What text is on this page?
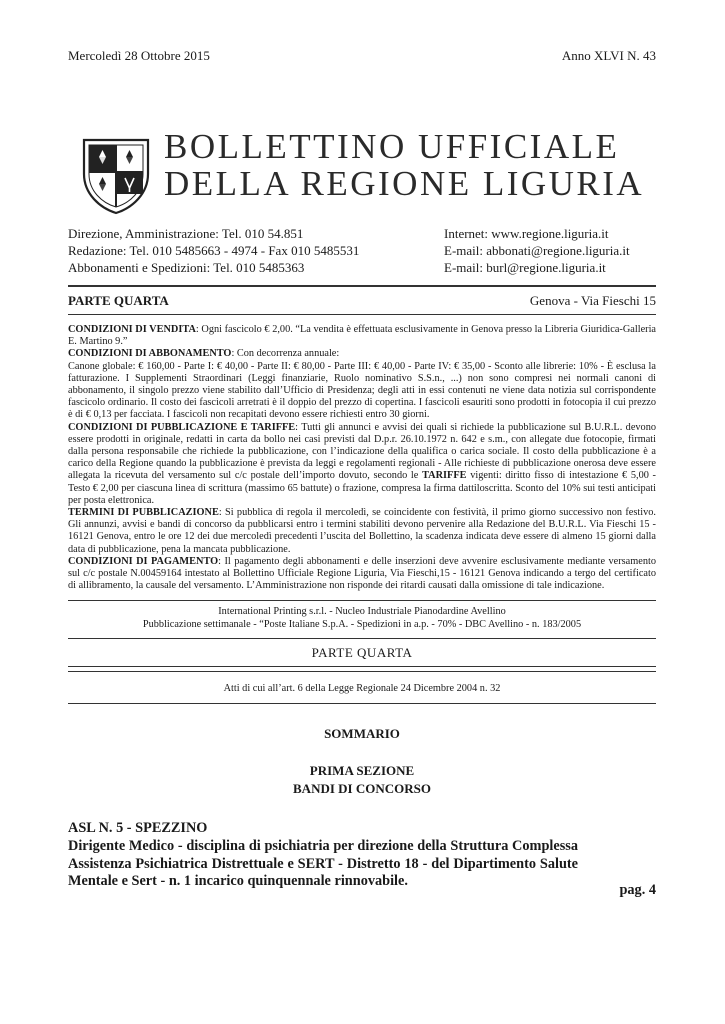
Mercoledì 28 Ottobre 2015	Anno XLVI N. 43
BOLLETTINO UFFICIALE
DELLA REGIONE LIGURIA
Direzione, Amministrazione: Tel. 010 54.851
Redazione: Tel. 010 5485663 - 4974 - Fax 010 5485531
Abbonamenti e Spedizioni: Tel. 010 5485363
Internet: www.regione.liguria.it
E-mail: abbonati@regione.liguria.it
E-mail: burl@regione.liguria.it
PARTE QUARTA	Genova - Via Fieschi 15

CONDIZIONI DI VENDITA: Ogni fascicolo € 2,00. “La vendita è effettuata esclusivamente in Genova presso la Libreria Giuridica-Galleria E. Martino 9.”

CONDIZIONI DI ABBONAMENTO: Con decorrenza annuale:

Canone globale: € 160,00 - Parte I: € 40,00 - Parte II: € 80,00 - Parte III: € 40,00 - Parte IV: € 35,00 - Sconto alle librerie: 10% - È esclusa la fatturazione. I Supplementi Straordinari (Leggi finanziarie, Ruolo nominativo S.S.n., ...) non sono compresi nei normali canoni di abbonamento, il singolo prezzo viene stabilito dall’Ufficio di Presidenza; degli atti in essi contenuti ne viene data notizia sul corrispondente fascicolo ordinario. Il costo dei fascicoli arretrati è il doppio del prezzo di copertina. I fascicoli esauriti sono prodotti in fotocopia il cui prezzo è di € 0,13 per facciata. I fascicoli non recapitati devono essere richiesti entro 30 giorni.

CONDIZIONI DI PUBBLICAZIONE E TARIFFE: Tutti gli annunci e avvisi dei quali si richiede la pubblicazione sul B.U.R.L. devono essere prodotti in originale, redatti in carta da bollo nei casi previsti dal D.p.r. 26.10.1972 n. 642 e s.m., con allegate due fotocopie, firmati dalla persona responsabile che richiede la pubblicazione, con l’indicazione della qualifica o carica sociale. Il costo della pubblicazione è a carico della Regione quando la pubblicazione è prevista da leggi e regolamenti regionali - Alle richieste di pubblicazione onerosa deve essere allegata la ricevuta del versamento sul c/c postale dell’importo dovuto, secondo le TARIFFE vigenti: diritto fisso di intestazione € 5,00 - Testo € 2,00 per ciascuna linea di scrittura (massimo 65 battute) o frazione, compresa la firma dattiloscritta. Sconto del 10% sui testi anticipati per posta elettronica.

TERMINI DI PUBBLICAZIONE: Si pubblica di regola il mercoledì, se coincidente con festività, il primo giorno successivo non festivo. Gli annunzi, avvisi e bandi di concorso da pubblicarsi entro i termini stabiliti devono pervenire alla Redazione del B.U.R.L. Via Fieschi 15 - 16121 Genova, entro le ore 12 dei due mercoledì precedenti l’uscita del Bollettino, la scadenza indicata deve essere di almeno 15 giorni dalla data di pubblicazione, pena la mancata pubblicazione.

CONDIZIONI DI PAGAMENTO: Il pagamento degli abbonamenti e delle inserzioni deve avvenire esclusivamente mediante versamento sul c/c postale N.00459164 intestato al Bollettino Ufficiale Regione Liguria, Via Fieschi,15 - 16121 Genova indicando a tergo del certificato di allibramento, la causale del versamento. L’Amministrazione non risponde dei ritardi causati dalla omissione di tale indicazione.

International Printing s.r.l. - Nucleo Industriale Pianodardine Avellino
Pubblicazione settimanale - “Poste Italiane S.p.A. - Spedizioni in a.p. - 70% - DBC Avellino - n. 183/2005
PARTE QUARTA
Atti di cui all’art. 6 della Legge Regionale 24 Dicembre 2004 n. 32
SOMMARIO
PRIMA SEZIONE
BANDI DI CONCORSO
ASL N. 5 - SPEZZINO
Dirigente Medico - disciplina di psichiatria per direzione della Struttura Complessa Assistenza Psichiatrica Distrettuale e SERT - Distretto 18 - del Dipartimento Salute Mentale e Sert - n. 1 incarico quinquennale rinnovabile.
pag. 4
